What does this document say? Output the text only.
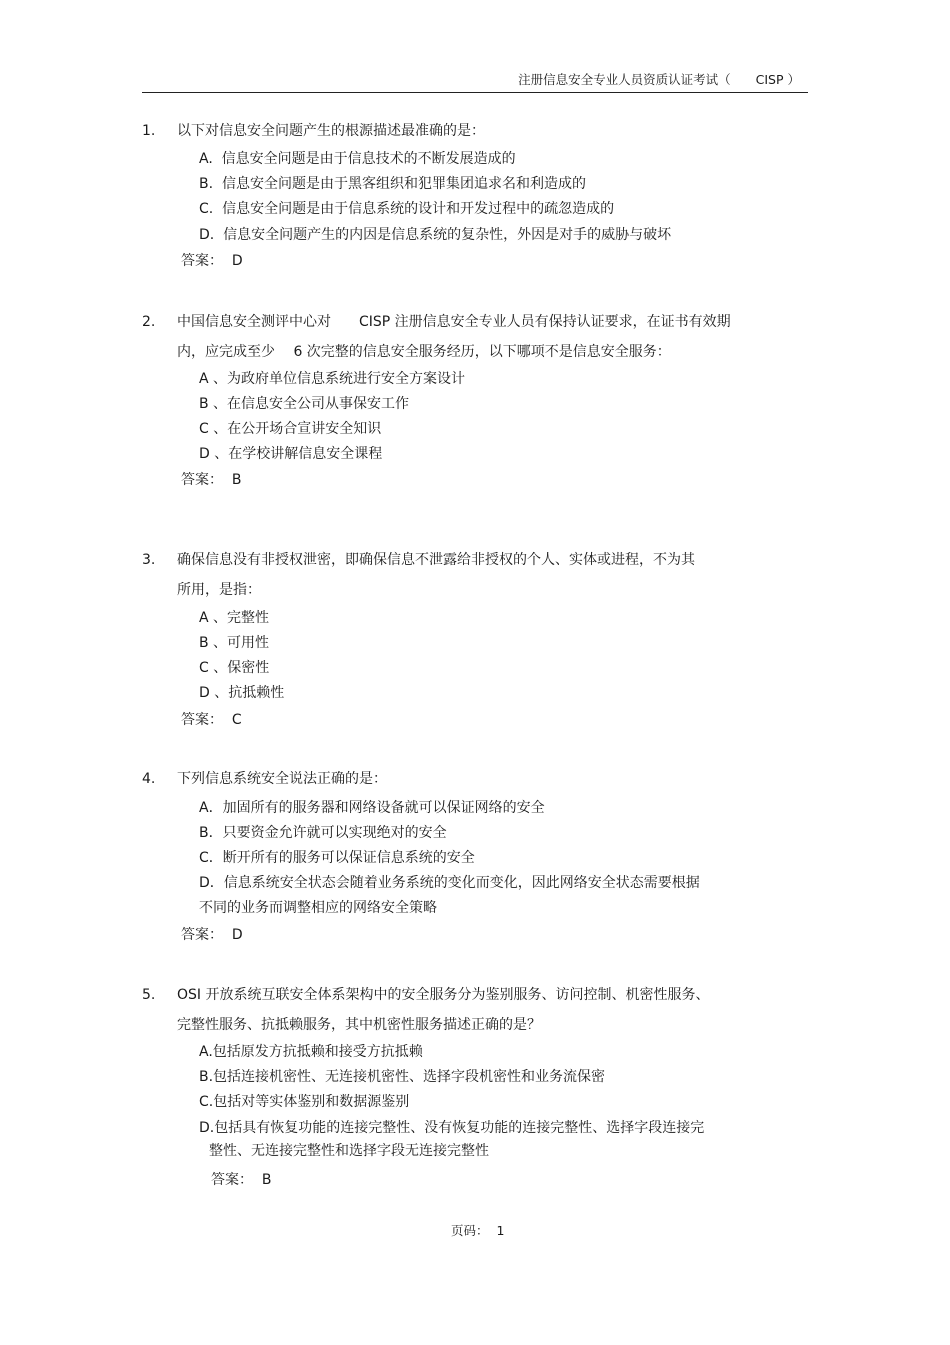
注册信息安全专业人员资质认证考试（　　CISP ）
1. 以下对信息安全问题产生的根源描述最准确的是：
A.  信息安全问题是由于信息技术的不断发展造成的
B.  信息安全问题是由于黑客组织和犯罪集团追求名和利造成的
C.  信息安全问题是由于信息系统的设计和开发过程中的疏忽造成的
D.  信息安全问题产生的内因是信息系统的复杂性，外因是对手的威胁与破坏
答案：  D
2. 中国信息安全测评中心对　　CISP 注册信息安全专业人员有保持认证要求，在证书有效期
内，应完成至少　 6 次完整的信息安全服务经历，以下哪项不是信息安全服务：
A 、为政府单位信息系统进行安全方案设计
B 、在信息安全公司从事保安工作
C 、在公开场合宣讲安全知识
D 、在学校讲解信息安全课程
答案：  B
3. 确保信息没有非授权泄密，即确保信息不泄露给非授权的个人、实体或进程，不为其
所用，是指：
A 、完整性
B 、可用性
C 、保密性
D 、抗抵赖性
答案：  C
4. 下列信息系统安全说法正确的是：
A．加固所有的服务器和网络设备就可以保证网络的安全
B．只要资金允许就可以实现绝对的安全
C．断开所有的服务可以保证信息系统的安全
D．信息系统安全状态会随着业务系统的变化而变化，因此网络安全状态需要根据
不同的业务而调整相应的网络安全策略
答案：  D
5. OSI 开放系统互联安全体系架构中的安全服务分为鉴别服务、访问控制、机密性服务、
完整性服务、抗抵赖服务，其中机密性服务描述正确的是？
A.包括原发方抗抵赖和接受方抗抵赖
B.包括连接机密性、无连接机密性、选择字段机密性和业务流保密
C.包括对等实体鉴别和数据源鉴别
D.包括具有恢复功能的连接完整性、没有恢复功能的连接完整性、选择字段连接完
整性、无连接完整性和选择字段无连接完整性
答案：  B
页码：  1
